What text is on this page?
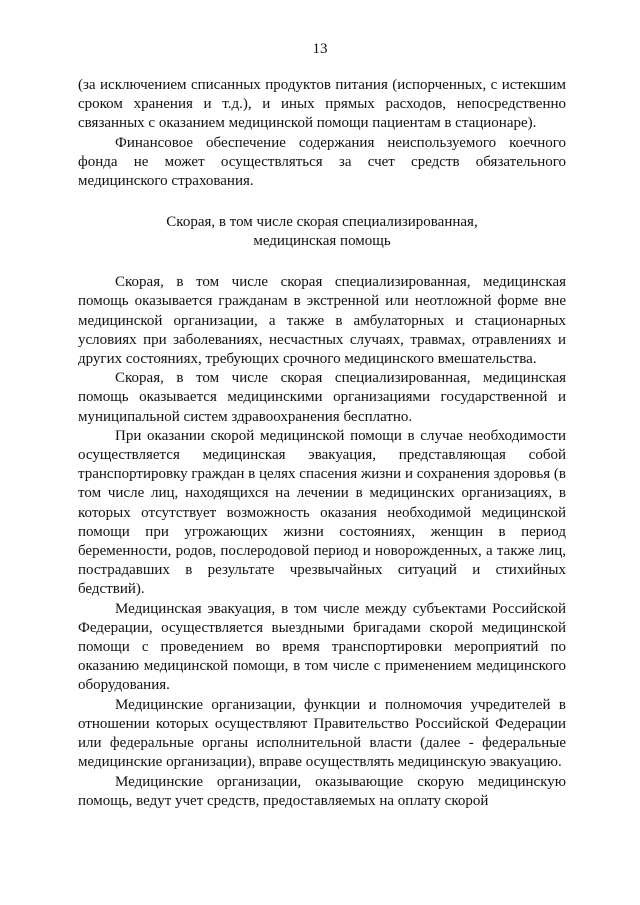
13

(за исключением списанных продуктов питания (испорченных, с истекшим сроком хранения и т.д.), и иных прямых расходов, непосредственно связанных с оказанием медицинской помощи пациентам в стационаре).

Финансовое обеспечение содержания неиспользуемого коечного фонда не может осуществляться за счет средств обязательного медицинского страхования.

Скорая, в том числе скорая специализированная,
медицинская помощь

Скорая, в том числе скорая специализированная, медицинская помощь оказывается гражданам в экстренной или неотложной форме вне медицинской организации, а также в амбулаторных и стационарных условиях при заболеваниях, несчастных случаях, травмах, отравлениях и других состояниях, требующих срочного медицинского вмешательства.

Скорая, в том числе скорая специализированная, медицинская помощь оказывается медицинскими организациями государственной и муниципальной систем здравоохранения бесплатно.

При оказании скорой медицинской помощи в случае необходимости осуществляется медицинская эвакуация, представляющая собой транспортировку граждан в целях спасения жизни и сохранения здоровья (в том числе лиц, находящихся на лечении в медицинских организациях, в которых отсутствует возможность оказания необходимой медицинской помощи при угрожающих жизни состояниях, женщин в период беременности, родов, послеродовой период и новорожденных, а также лиц, пострадавших в результате чрезвычайных ситуаций и стихийных бедствий).

Медицинская эвакуация, в том числе между субъектами Российской Федерации, осуществляется выездными бригадами скорой медицинской помощи с проведением во время транспортировки мероприятий по оказанию медицинской помощи, в том числе с применением медицинского оборудования.

Медицинские организации, функции и полномочия учредителей в отношении которых осуществляют Правительство Российской Федерации или федеральные органы исполнительной власти (далее - федеральные медицинские организации), вправе осуществлять медицинскую эвакуацию.

Медицинские организации, оказывающие скорую медицинскую помощь, ведут учет средств, предоставляемых на оплату скорой
